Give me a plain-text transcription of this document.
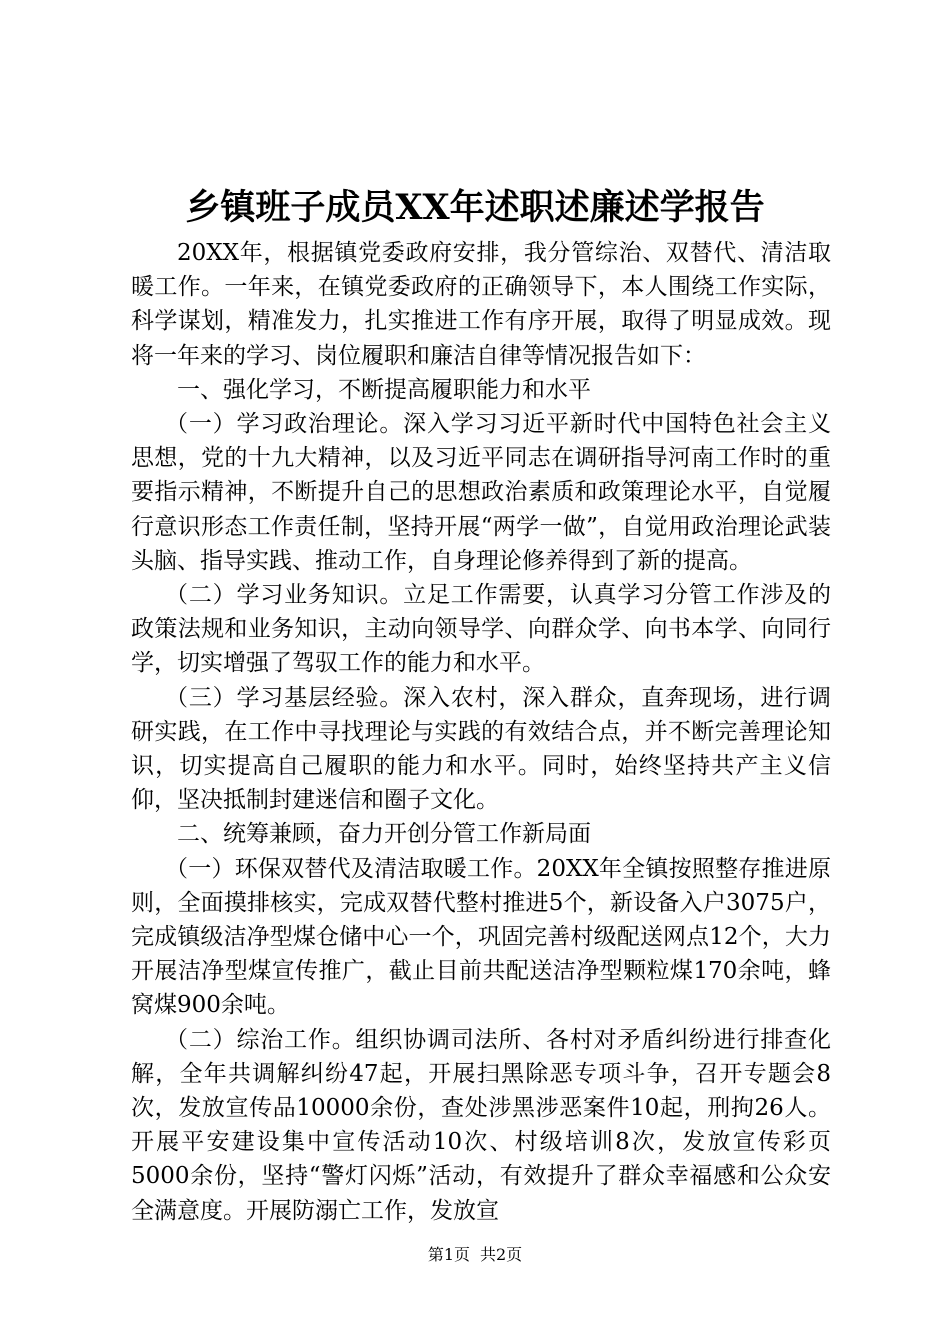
乡镇班子成员XX年述职述廉述学报告

20XX年，根据镇党委政府安排，我分管综治、双替代、清洁取暖工作。一年来，在镇党委政府的正确领导下，本人围绕工作实际，科学谋划，精准发力，扎实推进工作有序开展，取得了明显成效。现将一年来的学习、岗位履职和廉洁自律等情况报告如下：

一、强化学习，不断提高履职能力和水平

（一）学习政治理论。深入学习习近平新时代中国特色社会主义思想，党的十九大精神，以及习近平同志在调研指导河南工作时的重要指示精神，不断提升自己的思想政治素质和政策理论水平，自觉履行意识形态工作责任制，坚持开展“两学一做”，自觉用政治理论武装头脑、指导实践、推动工作，自身理论修养得到了新的提高。

（二）学习业务知识。立足工作需要，认真学习分管工作涉及的政策法规和业务知识，主动向领导学、向群众学、向书本学、向同行学，切实增强了驾驭工作的能力和水平。

（三）学习基层经验。深入农村，深入群众，直奔现场，进行调研实践，在工作中寻找理论与实践的有效结合点，并不断完善理论知识，切实提高自己履职的能力和水平。同时，始终坚持共产主义信仰，坚决抵制封建迷信和圈子文化。

二、统筹兼顾，奋力开创分管工作新局面

（一）环保双替代及清洁取暖工作。20XX年全镇按照整存推进原则，全面摸排核实，完成双替代整村推进5个，新设备入户3075户，完成镇级洁净型煤仓储中心一个，巩固完善村级配送网点12个，大力开展洁净型煤宣传推广，截止目前共配送洁净型颗粒煤170余吨，蜂窝煤900余吨。

（二）综治工作。组织协调司法所、各村对矛盾纠纷进行排查化解，全年共调解纠纷47起，开展扫黑除恶专项斗争，召开专题会8次，发放宣传品10000余份，查处涉黑涉恶案件10起，刑拘26人。开展平安建设集中宣传活动10次、村级培训8次，发放宣传彩页5000余份，坚持“警灯闪烁”活动，有效提升了群众幸福感和公众安全满意度。开展防溺亡工作，发放宣

第1页 共2页
